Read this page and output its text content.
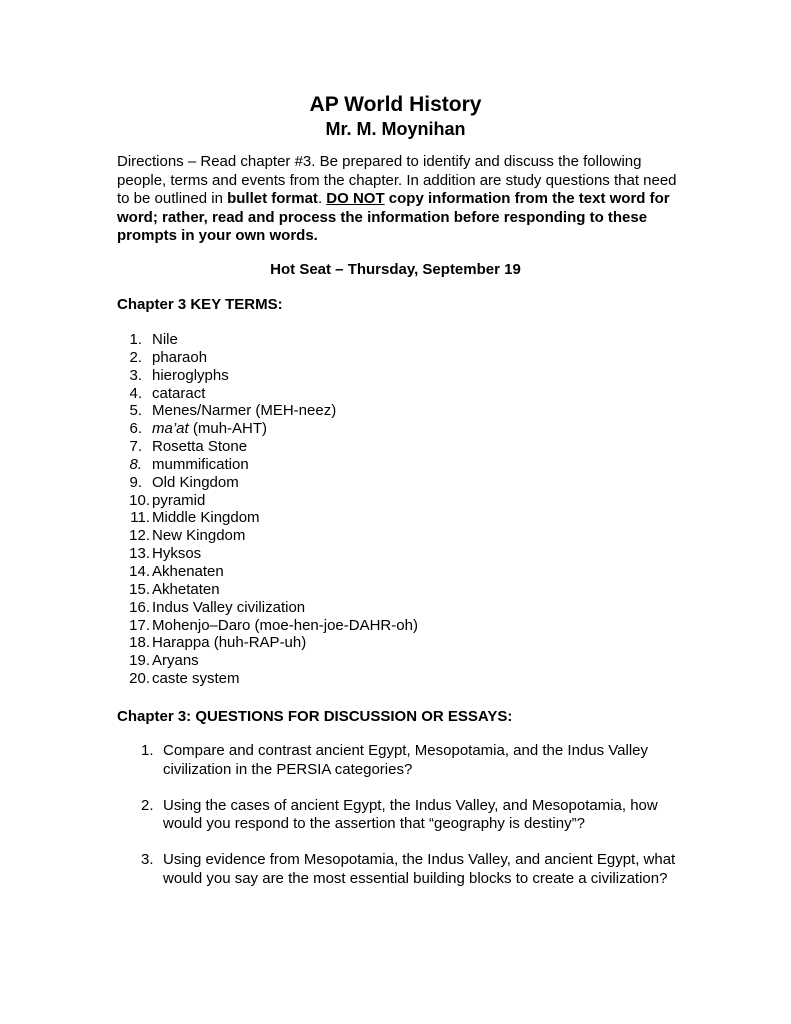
AP World History
Mr. M. Moynihan
Directions – Read chapter #3. Be prepared to identify and discuss the following people, terms and events from the chapter. In addition are study questions that need to be outlined in bullet format. DO NOT copy information from the text word for word; rather, read and process the information before responding to these prompts in your own words.
Hot Seat – Thursday, September 19
Chapter 3 KEY TERMS:
1. Nile
2. pharaoh
3. hieroglyphs
4. cataract
5. Menes/Narmer (MEH-neez)
6. ma’at (muh-AHT)
7. Rosetta Stone
8. mummification
9. Old Kingdom
10. pyramid
11. Middle Kingdom
12. New Kingdom
13. Hyksos
14. Akhenaten
15. Akhetaten
16. Indus Valley civilization
17. Mohenjo–Daro (moe-hen-joe-DAHR-oh)
18. Harappa (huh-RAP-uh)
19. Aryans
20. caste system
Chapter 3: QUESTIONS FOR DISCUSSION OR ESSAYS:
1. Compare and contrast ancient Egypt, Mesopotamia, and the Indus Valley civilization in the PERSIA categories?
2. Using the cases of ancient Egypt, the Indus Valley, and Mesopotamia, how would you respond to the assertion that “geography is destiny”?
3. Using evidence from Mesopotamia, the Indus Valley, and ancient Egypt, what would you say are the most essential building blocks to create a civilization?
